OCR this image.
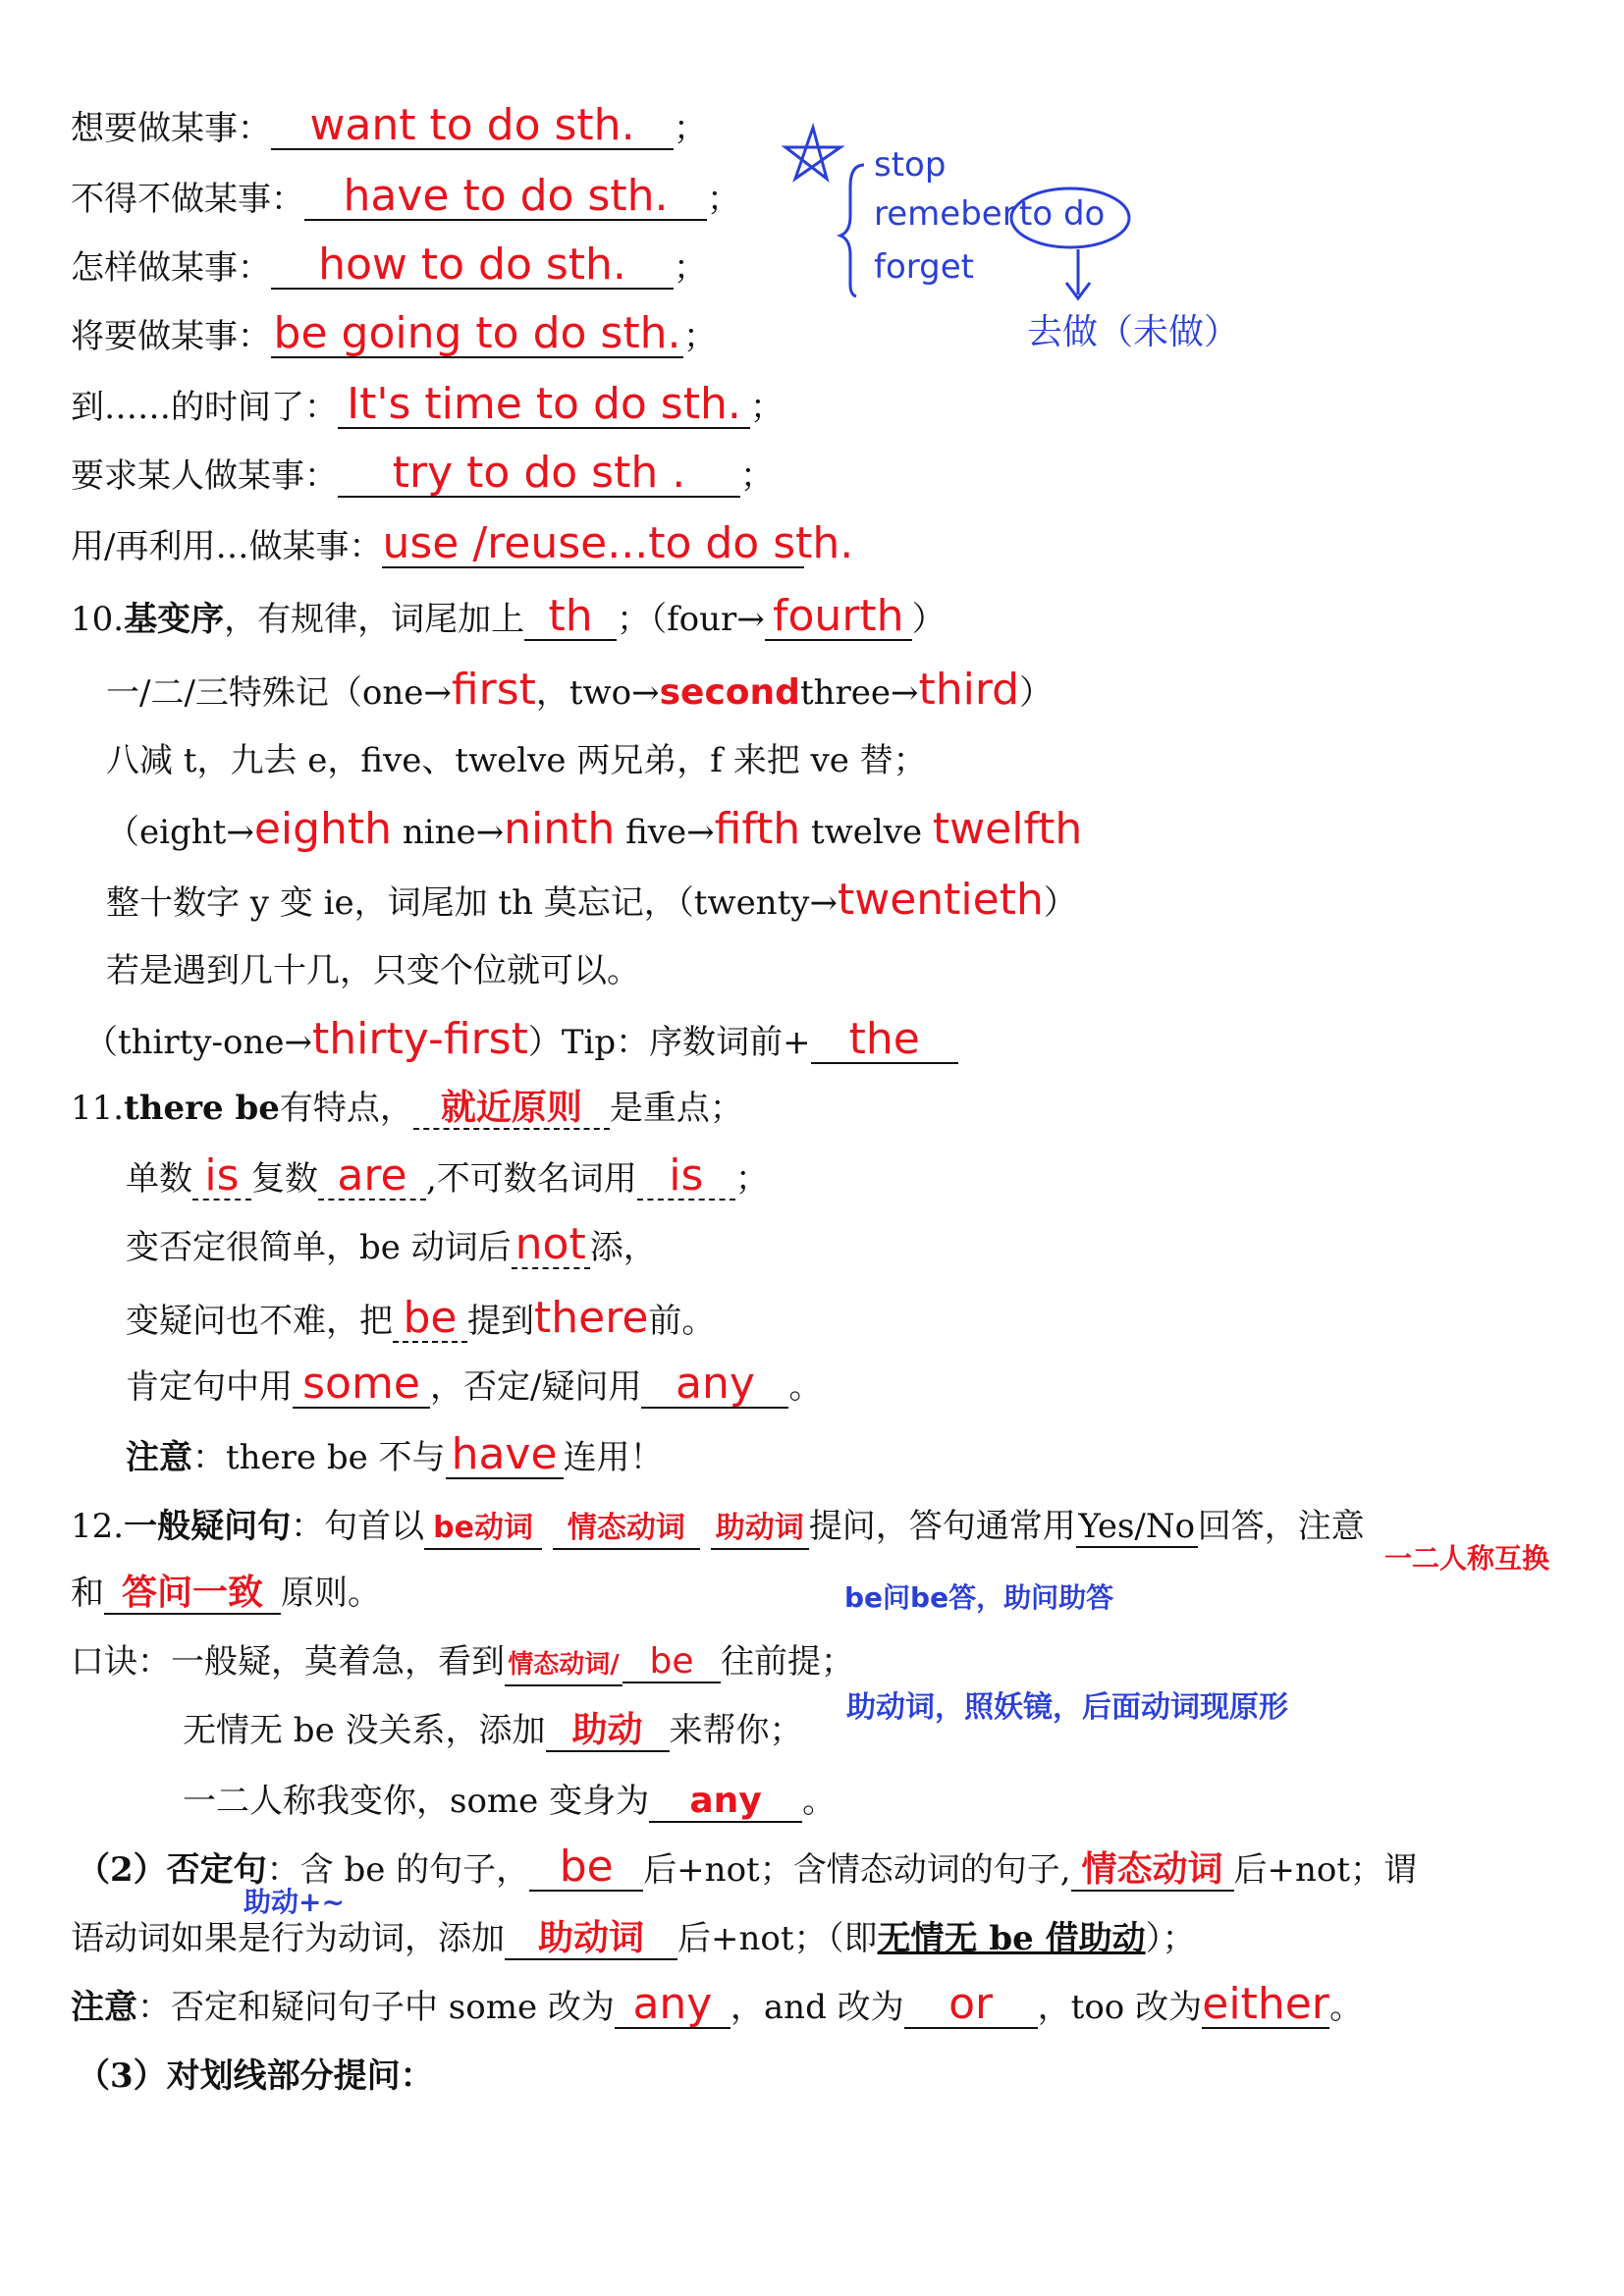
想要做某事： want to do sth. ；
不得不做某事： have to do sth. ；
怎样做某事： how to do sth. ；
将要做某事：be going to do sth.；
到……的时间了： It's time to do sth. ；
要求某人做某事： try to do sth . ；
用/再利用…做某事：use /reuse...to do sth.
stop
remeber to do
forget
去做（未做）
10.基变序，有规律，词尾加上 th ；（four→ fourth ）
一/二/三特殊记（one→first，two→secondthree→third）
八减 t，九去 e，five、twelve 两兄弟，f 来把 ve 替；
（eight→eighth nine→ninth five→fifth twelve twelfth
整十数字 y 变 ie，词尾加 th 莫忘记，（twenty→twentieth）
若是遇到几十几，只变个位就可以。
（thirty-one→thirty-first）Tip：序数词前+ the
11.there be有特点， 就近原则 是重点；
单数 is 复数 are ,不可数名词用 is ；
变否定很简单，be 动词后not 添，
变疑问也不难，把 be 提到there前。
肯定句中用 some ，否定/疑问用 any 。
注意：there be 不与 have 连用！
12.一般疑问句：句首以 be动词 情态动词 助动词 提问，答句通常用Yes/No回答，注意
一二人称互换
和 答问一致 原则。	be问be答，助问助答
口诀：一般疑，莫着急，看到 情态动词/ be 往前提；
无情无 be 没关系，添加 助动 来帮你；
助动词，照妖镜，后面动词现原形
一二人称我变你，some 变身为 any 。
（2）否定句：含 be 的句子， be 后+not；含情态动词的句子, 情态动词 后+not；谓
助动+~
语动词如果是行为动词，添加 助动词 后+not；（即无情无 be 借助动）；
注意：否定和疑问句子中 some 改为 any ，and 改为 or ，too 改为either。
（3）对划线部分提问：
